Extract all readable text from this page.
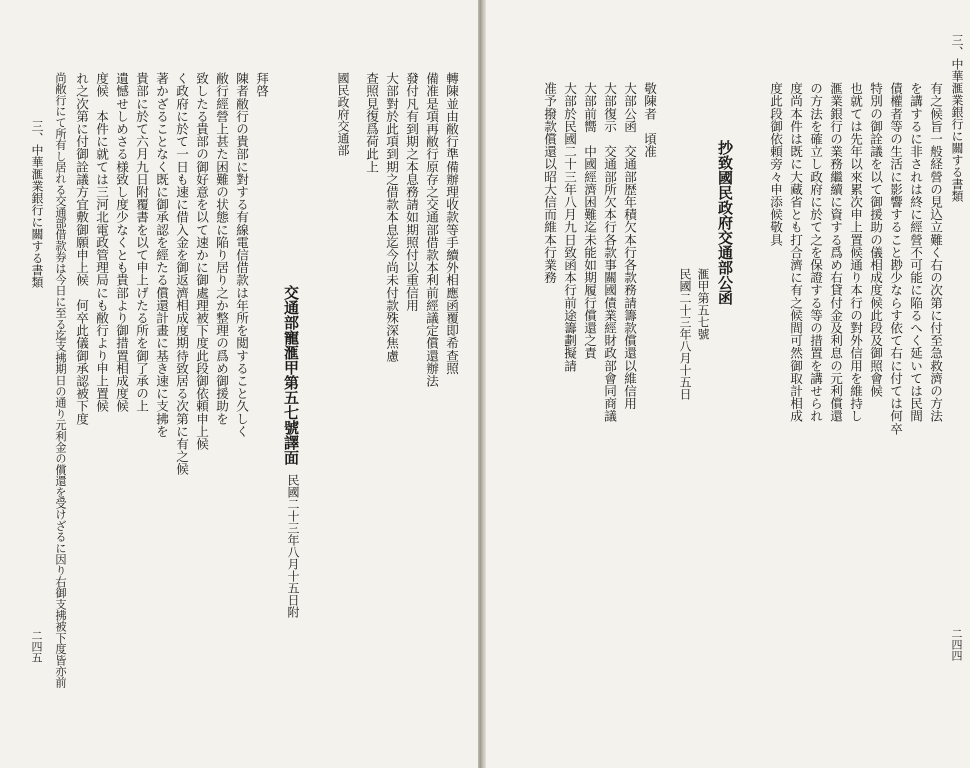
三、中華滙業銀行に關する書類
二四四
有之候旨一般経營の見込立難く右の次第に付至急救濟の方法
を講するに非されは終に經營不可能に陥るへく延いては民間
債權者等の生活に影響すること尠少ならす依て右に付ては何卒
特別の御詮議を以て御援助の儀相成度候此段及御照會候
也就ては先年以來累次申上置候通り本行の對外信用を維持し
滙業銀行の業務繼續に資する爲め右貸付金及利息の元利償還
の方法を確立し政府に於て之を保證する等の措置を講せられ
度尚本件は既に大藏省とも打合濟に有之候間可然御取計相成
度此段御依頼旁々申添候敬具
抄致國民政府交通部公函
滙甲第五七號
民國二十三年八月十五日
敬陳者　頃准
大部公函　交通部歴年積欠本行各款務請籌款償還以維信用
大部復示　交通部所欠本行各款事關國債業經財政部會同商議
大部前嚮　中國經濟困難迄未能如期履行償還之責
大部於民國二十三年八月九日致函本行前途籌劃擬請
准予撥款償還以昭大信而維本行業務
轉陳並由敝行準備辦理收款等手續外相應函覆即希查照
備准是項再敝行原存之交通部借款本利前經議定償還辦法
發付凡有到期之本息務請如期照付以重信用
大部對於此項到期之借款本息迄今尚未付款殊深焦慮
查照見復爲荷此上
國民政府交通部
交通部寵滙甲第五七號譯面
民國二十三年八月十五日附
拜啓
陳者敝行の貴部に對する有線電信借款は年所を閲すること久しく
敝行經營上甚た困難の状態に陥り居り之か整理の爲め御援助を
致したる貴部の御好意を以て速かに御處理被下度此段御依頼申上候
く政府に於て一日も速に借入金を御返濟相成度期待致居る次第に有之候
著かざることなく既に御承認を經たる償還計畫に基き速に支拂を
貴部に於て六月九日附覆書を以て申上げたる所を御了承の上
遺憾せしめさる様致し度少なくとも貴部より御措置相成度候
度候　本件に就ては三河北電政管理局にも敝行より申上置候
れ之次第に付御詮議方宜敷御願申上候　何卒此儀御承認被下度
尚敝行にて所有し居れる交通部借款券は今日に至る迄支拂期日の通り元利金の償還を受けざるに因り右御支拂被下度皆亦前
三、中華滙業銀行に關する書類
二四五
